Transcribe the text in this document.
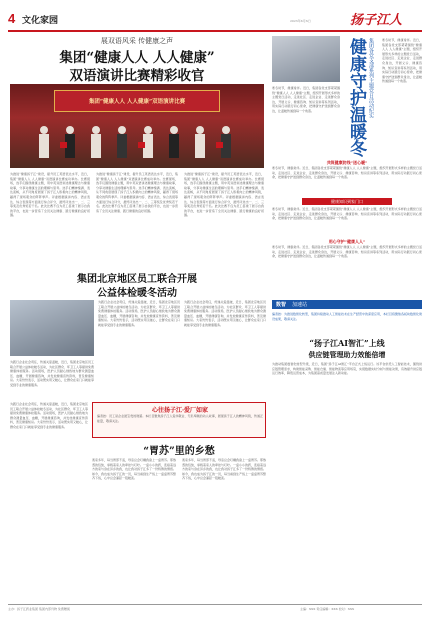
4 文化家园	2023年X月X日	扬子江人
展双语风采 传健康之声
集团“健康人人 人人健康”
双语演讲比赛精彩收官
集团“健康人人 人人健康”双语演讲比赛
为推进“健康扬子江”建设，提升员工英语表达水平，近日，集团“健康人人 人人健康”双语演讲比赛成功举办。比赛现场，选手们围绕健康主题，用中英双语讲述健康理念与健康故事，分享对健康生活的理解与思考。选手们精神饱满、表达流畅，从不同角度展现了扬子江人积极向上的精神风貌，赢得了现场观众的阵阵掌声。评委根据演讲内容、语言表达、综合表现等方面进行综合评分，最终评选出一、二、三等奖及优秀奖若干名。此次比赛不仅为员工搭建了展示自我的平台，也进一步营造了全员关注健康、践行健康的良好氛围。
为推进“健康扬子江”建设，提升员工英语表达水平，近日，集团“健康人人 人人健康”双语演讲比赛成功举办。比赛现场，选手们围绕健康主题，用中英双语讲述健康理念与健康故事，分享对健康生活的理解与思考。选手们精神饱满、表达流畅，从不同角度展现了扬子江人积极向上的精神风貌，赢得了现场观众的阵阵掌声。评委根据演讲内容、语言表达、综合表现等方面进行综合评分，最终评选出一、二、三等奖及优秀奖若干名。此次比赛不仅为员工搭建了展示自我的平台，也进一步营造了全员关注健康、践行健康的良好氛围。
为推进“健康扬子江”建设，提升员工英语表达水平，近日，集团“健康人人 人人健康”双语演讲比赛成功举办。比赛现场，选手们围绕健康主题，用中英双语讲述健康理念与健康故事，分享对健康生活的理解与思考。选手们精神饱满、表达流畅，从不同角度展现了扬子江人积极向上的精神风貌，赢得了现场观众的阵阵掌声。评委根据演讲内容、语言表达、综合表现等方面进行综合评分，最终评选出一、二、三等奖及优秀奖若干名。此次比赛不仅为员工搭建了展示自我的平台，也进一步营造了全员关注健康、践行健康的良好氛围。
寒冬时节，健康常伴。近日，集团各党支部紧紧围绕“健康人人 人人健康”主题，组织开展形式多样的主题党日活动，走进社区、走进企业、走进群众身边，开展义诊、健康咨询、知识宣讲等系列活动，用实际行动践行初心使命，把健康守护送到群众身边，让温暖传递到每一个角落。	健康守护温暖冬 集团各党支部系列主题党日活动纪实	寒冬时节，健康常伴。近日，集团各党支部紧紧围绕“健康人人 人人健康”主题，组织开展形式多样的主题党日活动，走进社区、走进企业、走进群众身边，开展义诊、健康咨询、知识宣讲等系列活动，用实际行动践行初心使命，把健康守护送到群众身边，让温暖传递到每一个角落。
共筑健康防线“送心暖”
寒冬时节，健康常伴。近日，集团各党支部紧紧围绕“健康人人 人人健康”主题，组织开展形式多样的主题党日活动，走进社区、走进企业、走进群众身边，开展义诊、健康咨询、知识宣讲等系列活动，用实际行动践行初心使命，把健康守护送到群众身边，让温暖传递到每一个角落。
健康知识到家门口
寒冬时节，健康常伴。近日，集团各党支部紧紧围绕“健康人人 人人健康”主题，组织开展形式多样的主题党日活动，走进社区、走进企业、走进群众身边，开展义诊、健康咨询、知识宣讲等系列活动，用实际行动践行初心使命，把健康守护送到群众身边，让温暖传递到每一个角落。
用心守护“健康人人”
寒冬时节，健康常伴。近日，集团各党支部紧紧围绕“健康人人 人人健康”主题，组织开展形式多样的主题党日活动，走进社区、走进企业、走进群众身边，开展义诊、健康咨询、知识宣讲等系列活动，用实际行动践行初心使命，把健康守护送到群众身边，让温暖传递到每一个角落。
集团北京地区员工联合开展
公益体检暖冬活动
为践行企业社会责任，传递关爱温暖，近日，集团北京地区员工联合开展公益体检暖冬活动，为社区群众、环卫工人等提供免费健康体检服务。活动现场，医护人员耐心细致地为群众测量血压、血糖，开展健康咨询，并发放健康宣传资料，普及健康知识。大家纷纷表示，活动既实用又暖心，让群众在家门口就能享受到专业的健康服务。
为践行企业社会责任，传递关爱温暖，近日，集团北京地区员工联合开展公益体检暖冬活动，为社区群众、环卫工人等提供免费健康体检服务。活动现场，医护人员耐心细致地为群众测量血压、血糖，开展健康咨询，并发放健康宣传资料，普及健康知识。大家纷纷表示，活动既实用又暖心，让群众在家门口就能享受到专业的健康服务。
为践行企业社会责任，传递关爱温暖，近日，集团北京地区员工联合开展公益体检暖冬活动，为社区群众、环卫工人等提供免费健康体检服务。活动现场，医护人员耐心细致地为群众测量血压、血糖，开展健康咨询，并发放健康宣传资料，普及健康知识。大家纷纷表示，活动既实用又暖心，让群众在家门口就能享受到专业的健康服务。
数智 加速站
编者按：为推进数智化转型，集团持续推动人工智能技术在生产经营中的深度应用，本栏目将聚焦各板块数智化建设成果，敬请关注。
“扬子江AI智汇”上线
供应链管理助力效能倍增
为推动集团数智化转型升级，近日，集团“扬子江AI智汇”平台正式上线运行。该平台依托人工智能技术，围绕供应链管理需求，构建智能采购、智能仓储、智能物流等应用场景，实现数据实时分析与智能决策，有效提升供应链运行效率，降低运营成本，为集团高质量发展注入新动能。
心往扬子江·爱厂如家
编者按：员工是企业最宝贵的财富。本栏目聚焦扬子江人爱岗敬业、无私奉献的动人故事，展现扬子江人的精神风貌，传递正能量，敬请关注。
为践行企业社会责任，传递关爱温暖，近日，集团北京地区员工联合开展公益体检暖冬活动，为社区群众、环卫工人等提供免费健康体检服务。活动现场，医护人员耐心细致地为群众测量血压、血糖，开展健康咨询，并发放健康宣传资料，普及健康知识。大家纷纷表示，活动既实用又暖心，让群众在家门口就能享受到专业的健康服务。
“胃苏”里的乡愁
离家多年，每当胃部不适，母亲总会叮嘱我备上一盒胃苏。那熟悉的包装，承载着家人的牵挂与叮咛。一盒小小的药，连接着远方的家与身在异乡的我，也让我对扬子江多了一份特殊的情感。如今，我也成为扬子江的一员，每当看到生产线上一盒盒胃苏整齐下线，心中总会涌起一股暖流。
离家多年，每当胃部不适，母亲总会叮嘱我备上一盒胃苏。那熟悉的包装，承载着家人的牵挂与叮咛。一盒小小的药，连接着远方的家与身在异乡的我，也让我对扬子江多了一份特殊的情感。如今，我也成为扬子江的一员，每当看到生产线上一盒盒胃苏整齐下线，心中总会涌起一股暖流。
主办：扬子江药业集团 集团内部刊物 免费赠阅	主编：XXX 责任编辑：XXX 校对：XXX
